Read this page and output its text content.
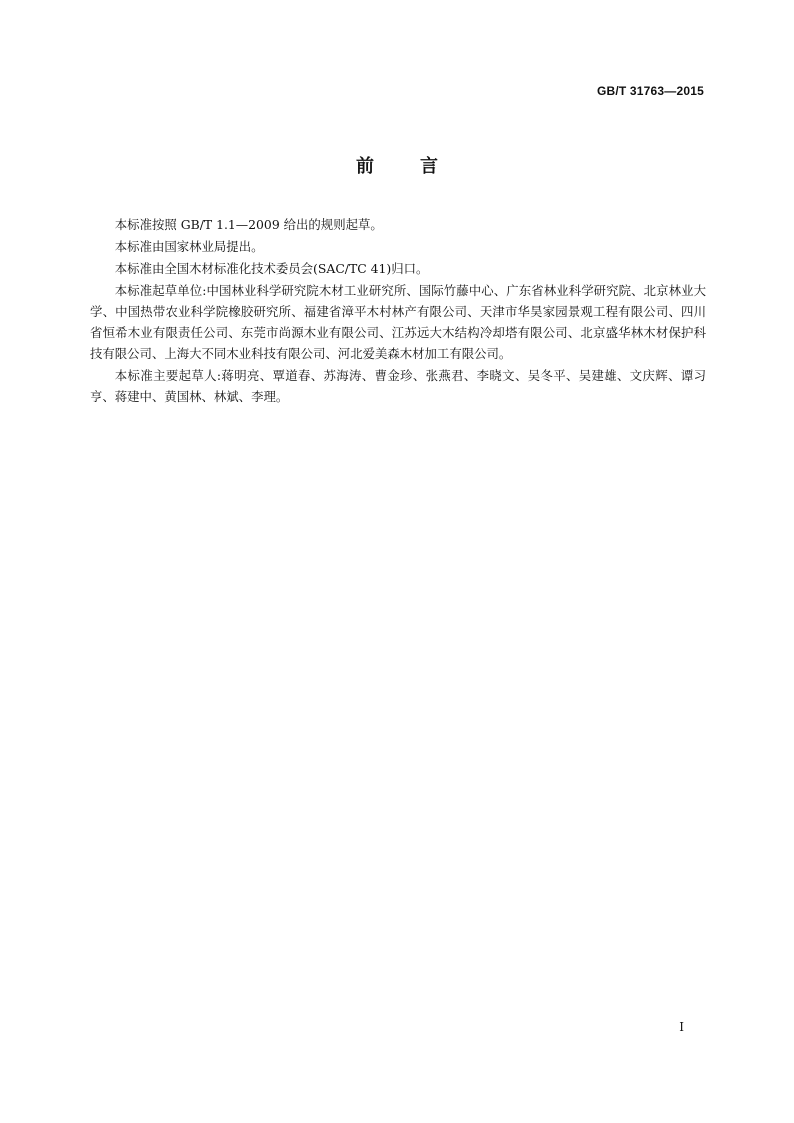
GB/T 31763—2015
前	言

本标准按照 GB/T 1.1—2009 给出的规则起草。

本标准由国家林业局提出。

本标准由全国木材标准化技术委员会(SAC/TC 41)归口。

本标准起草单位:中国林业科学研究院木材工业研究所、国际竹藤中心、广东省林业科学研究院、北京林业大学、中国热带农业科学院橡胶研究所、福建省漳平木村林产有限公司、天津市华昊家园景观工程有限公司、四川省恒希木业有限责任公司、东莞市尚源木业有限公司、江苏远大木结构冷却塔有限公司、北京盛华林木材保护科技有限公司、上海大不同木业科技有限公司、河北爱美森木材加工有限公司。

本标准主要起草人:蒋明亮、覃道春、苏海涛、曹金珍、张燕君、李晓文、吴冬平、吴建雄、文庆辉、谭习亨、蒋建中、黄国林、林斌、李理。

I
